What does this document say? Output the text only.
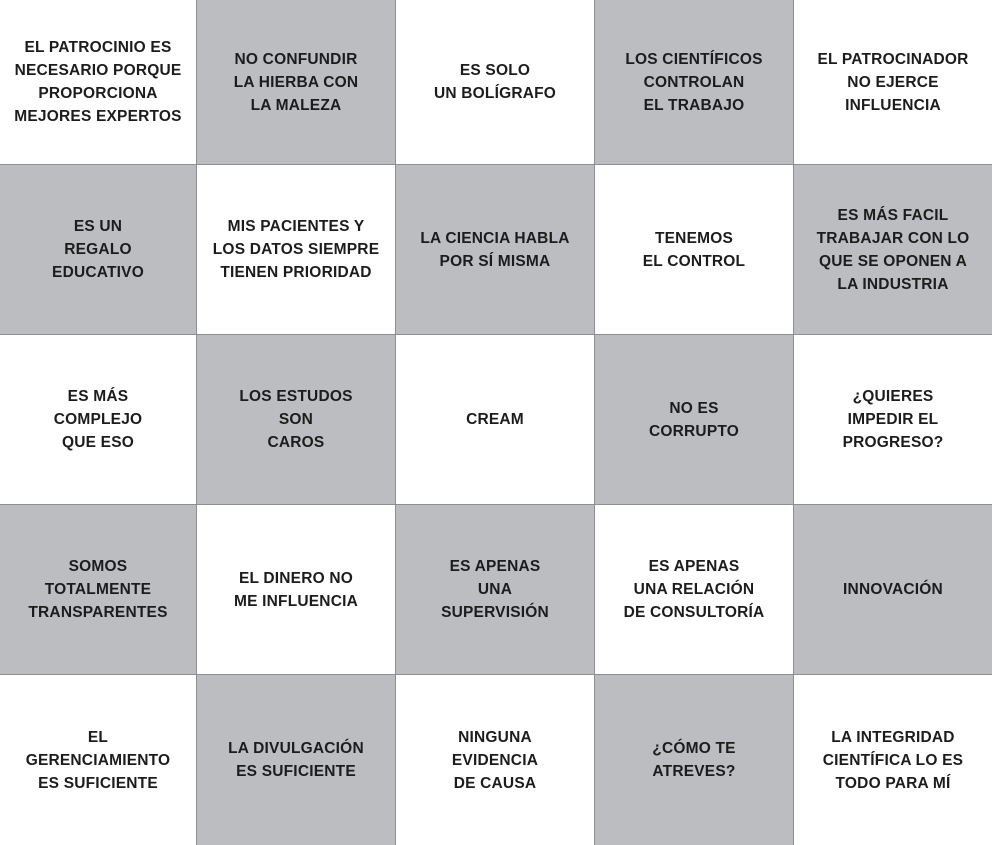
EL PATROCINIO ES
NECESARIO PORQUE
PROPORCIONA
MEJORES EXPERTOS
NO CONFUNDIR
LA HIERBA CON
LA MALEZA
ES SOLO
UN BOLÍGRAFO
LOS CIENTÍFICOS
CONTROLAN
EL TRABAJO
EL PATROCINADOR
NO EJERCE
INFLUENCIA
ES UN
REGALO
EDUCATIVO
MIS PACIENTES Y
LOS DATOS SIEMPRE
TIENEN PRIORIDAD
LA CIENCIA HABLA
POR SÍ MISMA
TENEMOS
EL CONTROL
ES MÁS FACIL
TRABAJAR CON LO
QUE SE OPONEN A
LA INDUSTRIA
ES MÁS
COMPLEJO
QUE ESO
LOS ESTUDOS
SON
CAROS
CREAM
NO ES
CORRUPTO
¿QUIERES
IMPEDIR EL
PROGRESO?
SOMOS
TOTALMENTE
TRANSPARENTES
EL DINERO NO
ME INFLUENCIA
ES APENAS
UNA
SUPERVISIÓN
ES APENAS
UNA RELACIÓN
DE CONSULTORÍA
INNOVACIÓN
EL GERENCIAMIENTO
ES SUFICIENTE
LA DIVULGACIÓN
ES SUFICIENTE
NINGUNA
EVIDENCIA
DE CAUSA
¿CÓMO TE
ATREVES?
LA INTEGRIDAD
CIENTÍFICA LO ES
TODO PARA MÍ
